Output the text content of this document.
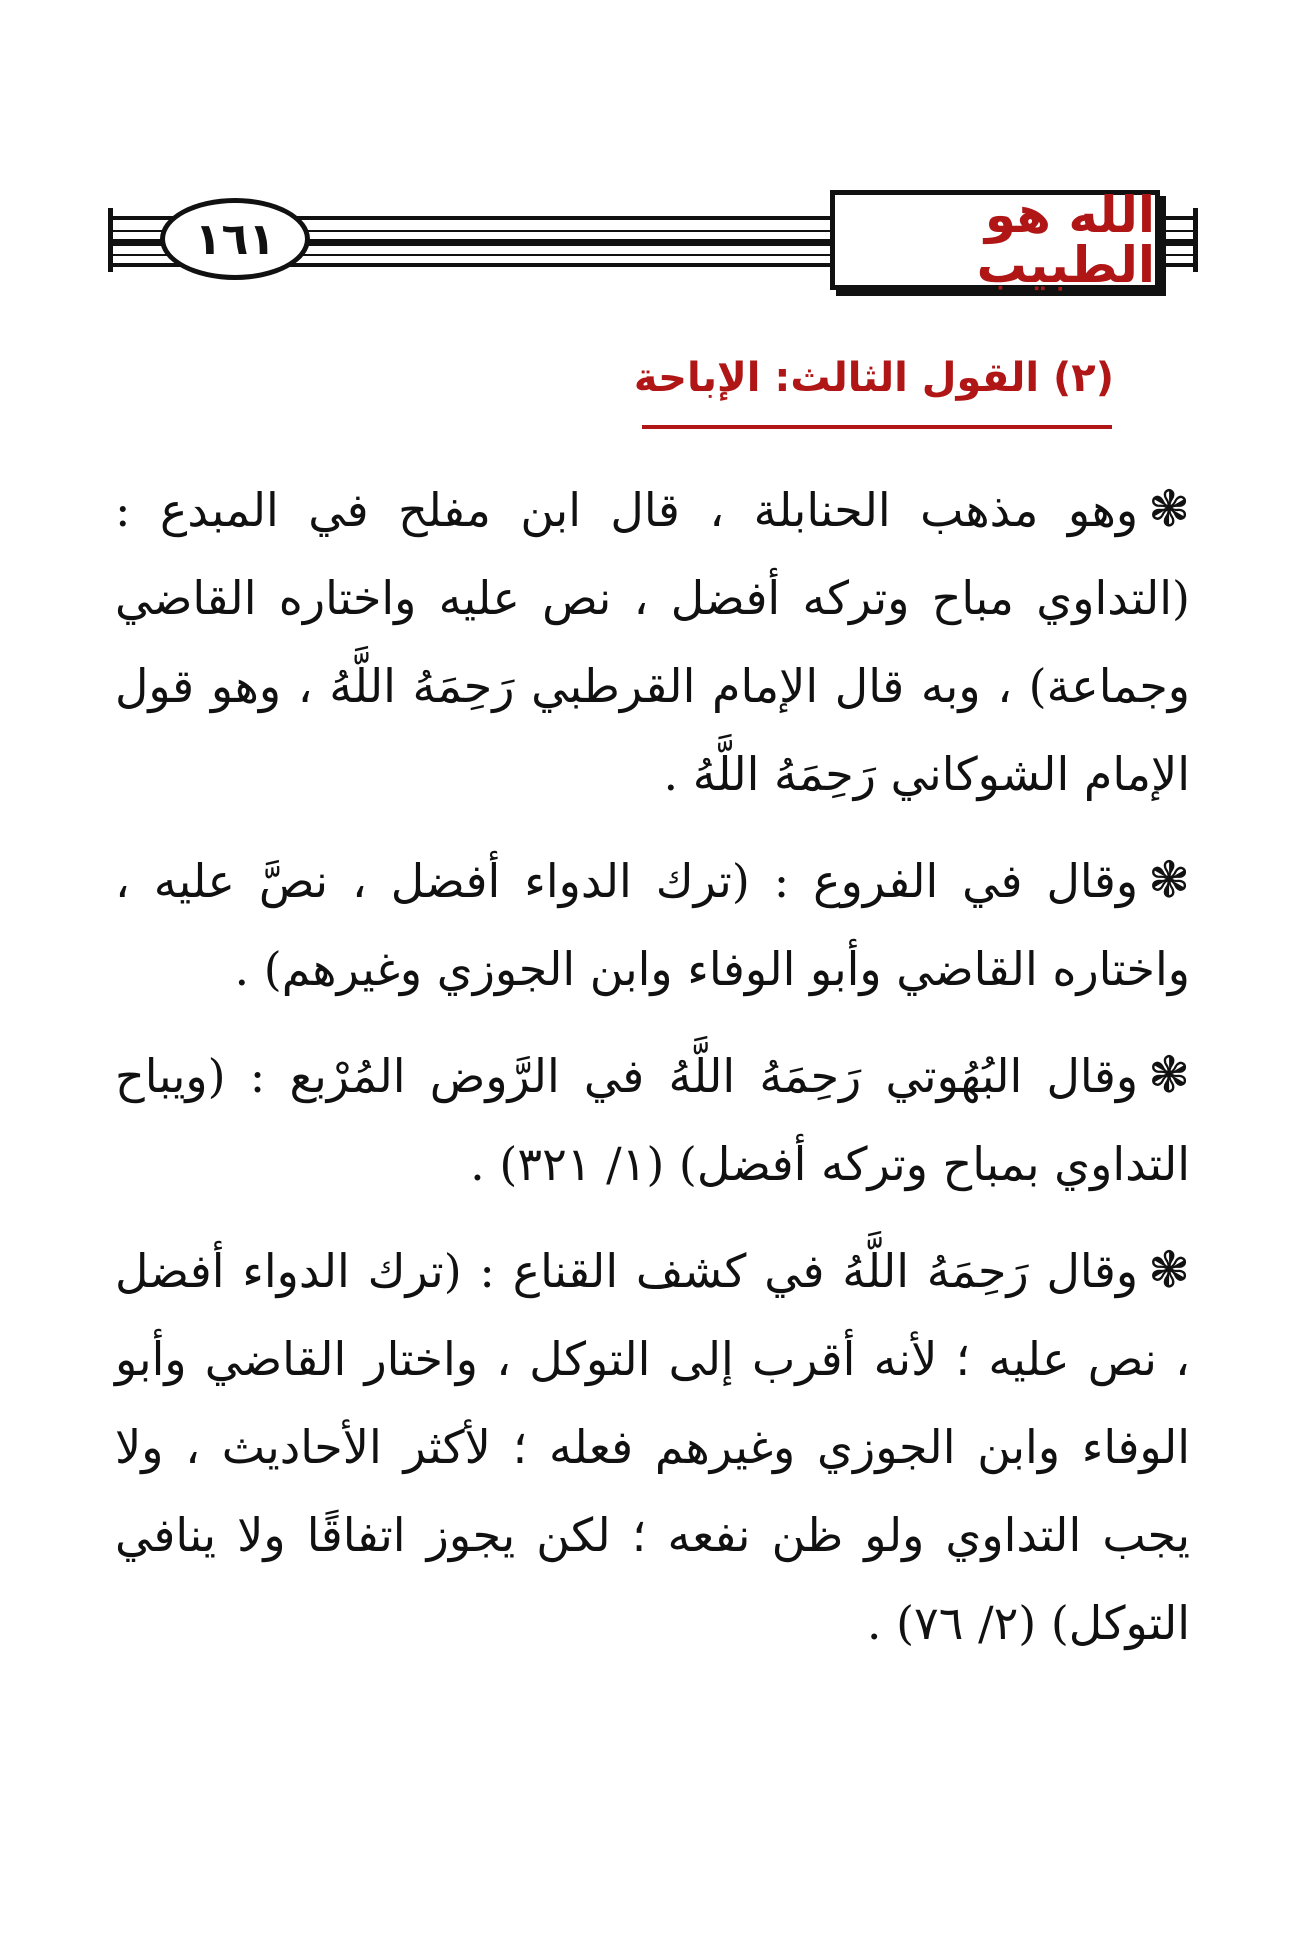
١٦١	الله هو الطبيب
(٢) القول الثالث: الإباحة

❃وهو مذهب الحنابلة ، قال ابن مفلح في المبدع : (التداوي مباح وتركه أفضل ، نص عليه واختاره القاضي وجماعة) ، وبه قال الإمام القرطبي رَحِمَهُ اللَّهُ ، وهو قول الإمام الشوكاني رَحِمَهُ اللَّهُ .

❃وقال في الفروع : (ترك الدواء أفضل ، نصَّ عليه ، واختاره القاضي وأبو الوفاء وابن الجوزي وغيرهم) .

❃وقال البُهُوتي رَحِمَهُ اللَّهُ في الرَّوض المُرْبع : (ويباح التداوي بمباح وتركه أفضل) (١/ ٣٢١) .

❃وقال رَحِمَهُ اللَّهُ في كشف القناع : (ترك الدواء أفضل ، نص عليه ؛ لأنه أقرب إلى التوكل ، واختار القاضي وأبو الوفاء وابن الجوزي وغيرهم فعله ؛ لأكثر الأحاديث ، ولا يجب التداوي ولو ظن نفعه ؛ لكن يجوز اتفاقًا ولا ينافي التوكل) (٢/ ٧٦) .
